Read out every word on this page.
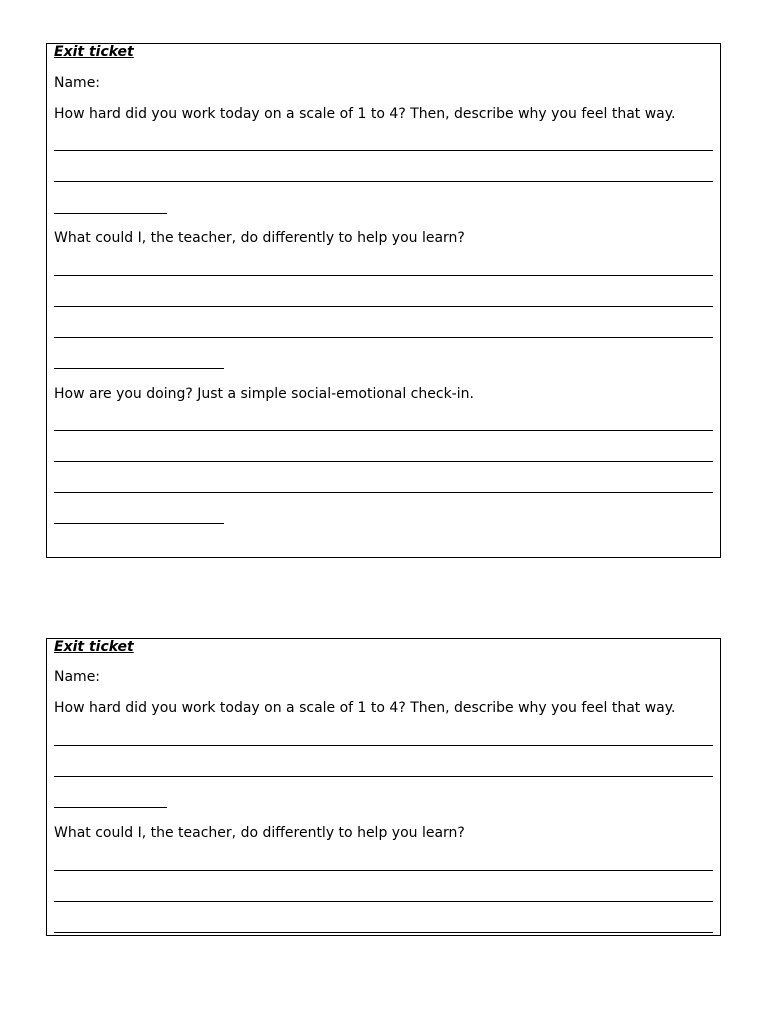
Exit ticket
Name:
How hard did you work today on a scale of 1 to 4? Then, describe why you feel that way.
What could I, the teacher, do differently to help you learn?
How are you doing? Just a simple social-emotional check-in.
Exit ticket
Name:
How hard did you work today on a scale of 1 to 4? Then, describe why you feel that way.
What could I, the teacher, do differently to help you learn?
